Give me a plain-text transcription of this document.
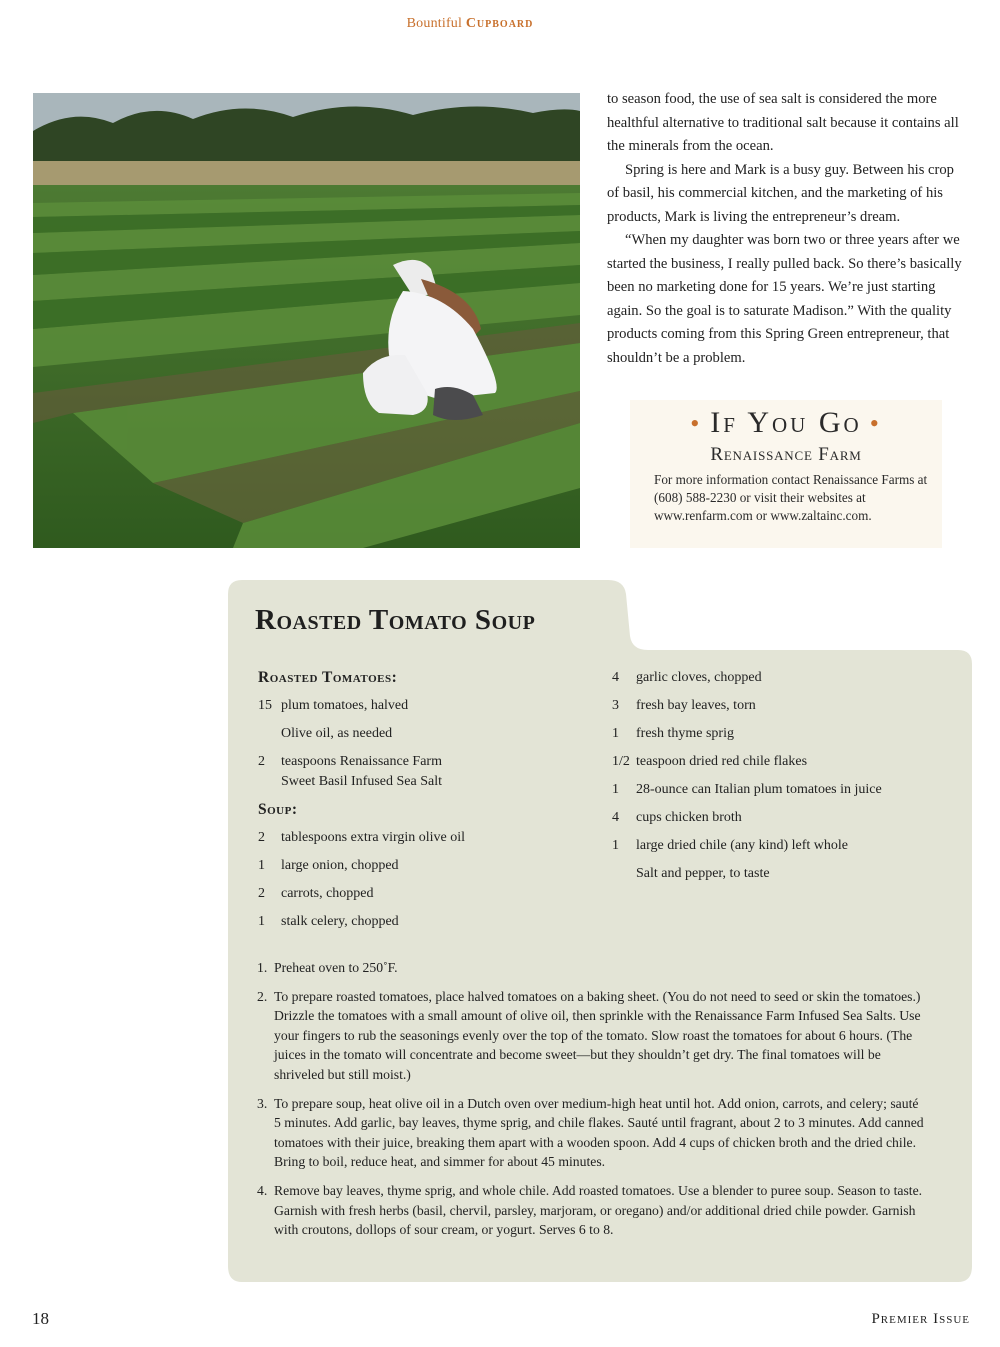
Bountiful Cupboard

to season food, the use of sea salt is considered the more healthful alternative to traditional salt because it contains all the minerals from the ocean.

Spring is here and Mark is a busy guy. Between his crop of basil, his commercial kitchen, and the marketing of his products, Mark is living the entrepreneur’s dream.

“When my daughter was born two or three years after we started the business, I really pulled back. So there’s basically been no marketing done for 15 years. We’re just starting again. So the goal is to saturate Madison.” With the quality products coming from this Spring Green entrepreneur, that shouldn’t be a problem.

• If You Go •
Renaissance Farm
For more information contact Renaissance Farms at (608) 588-2230 or visit their websites at www.renfarm.com or www.zaltainc.com.
Roasted Tomato Soup
Roasted Tomatoes:
15 plum tomatoes, halved
Olive oil, as needed
2	teaspoons Renaissance Farm Sweet Basil Infused Sea Salt
Soup:
2	tablespoons extra virgin olive oil
1	large onion, chopped
2	carrots, chopped
1	stalk celery, chopped
4	garlic cloves, chopped
3	fresh bay leaves, torn
1	fresh thyme sprig
1/2 teaspoon dried red chile flakes
1	28-ounce can Italian plum tomatoes in juice
4	cups chicken broth
1	large dried chile (any kind) left whole
Salt and pepper, to taste
1. Preheat oven to 250˚F.
2. To prepare roasted tomatoes, place halved tomatoes on a baking sheet. (You do not need to seed or skin the tomatoes.) Drizzle the tomatoes with a small amount of olive oil, then sprinkle with the Renaissance Farm Infused Sea Salts. Use your fingers to rub the seasonings evenly over the top of the tomato. Slow roast the tomatoes for about 6 hours. (The juices in the tomato will concentrate and become sweet—but they shouldn’t get dry. The final tomatoes will be shriveled but still moist.)
3. To prepare soup, heat olive oil in a Dutch oven over medium-high heat until hot. Add onion, carrots, and celery; sauté 5 minutes. Add garlic, bay leaves, thyme sprig, and chile flakes. Sauté until fragrant, about 2 to 3 minutes. Add canned tomatoes with their juice, breaking them apart with a wooden spoon. Add 4 cups of chicken broth and the dried chile. Bring to boil, reduce heat, and simmer for about 45 minutes.
4. Remove bay leaves, thyme sprig, and whole chile. Add roasted tomatoes. Use a blender to puree soup. Season to taste. Garnish with fresh herbs (basil, chervil, parsley, marjoram, or oregano) and/or additional dried chile powder. Garnish with croutons, dollops of sour cream, or yogurt. Serves 6 to 8.
18	Premier Issue
